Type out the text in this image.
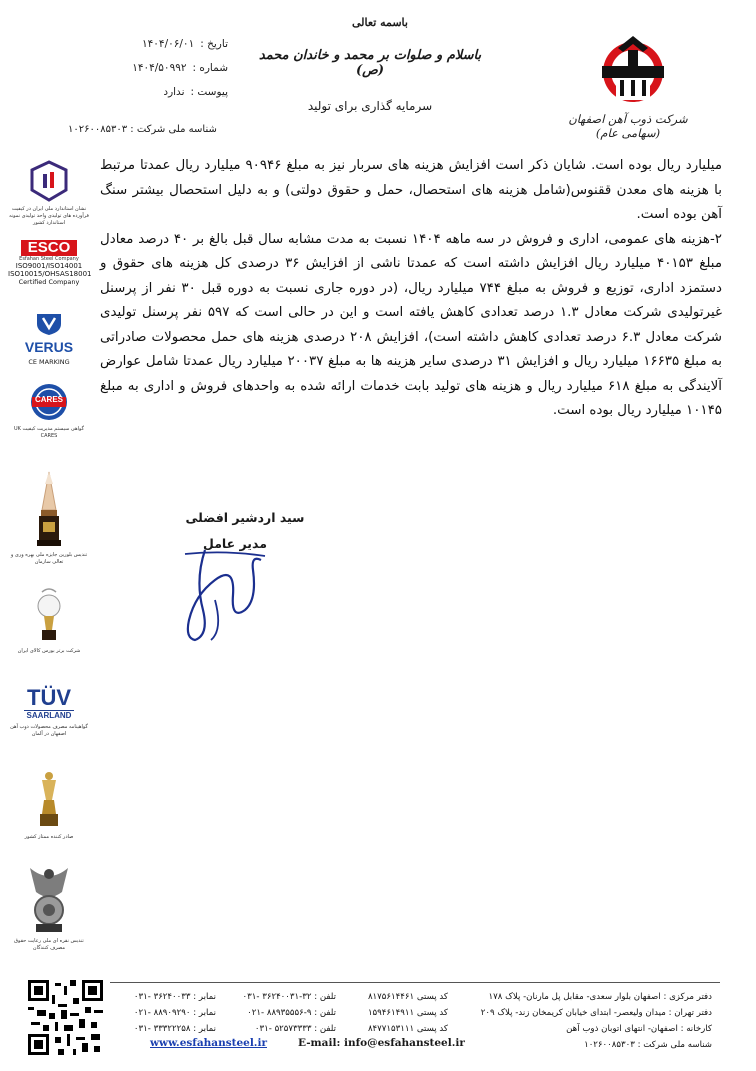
تاریخ :
۱۴۰۴/۰۶/۰۱
شماره :
۱۴۰۴/۵۰۹۹۲
پیوست :
ندارد
شناسه ملی شرکت : ۱۰۲۶۰۰۸۵۳۰۳
باسمه تعالی
باسلام و صلوات بر محمد و خاندان محمد (ص)
سرمایه گذاری برای تولید
شرکت ذوب آهن اصفهان (سهامی عام)
نشان استاندارد ملی ایران در کیفیت فرآورده های تولیدی واحد تولیدی نمونه استاندارد کشور
ESCO
Esfahan Steel Company
ISO9001/ISO14001
ISO10015/OHSAS18001
Certified Company
VERUS
CE MARKING
CARES
گواهی سیستم مدیریت کیفیت UK CARES
تندیس بلورین جایزه ملی بهره وری و تعالی سازمان
شرکت برتر بورس کالای ایران
TÜV
SAARLAND
گواهینامه مصرف محصولات ذوب آهن اصفهان در آلمان
صادر کننده ممتاز کشور
تندیس نقره ای ملی رعایت حقوق مصرف کنندگان

میلیارد ریال بوده است. شایان ذکر است افزایش هزینه های سربار نیز به مبلغ ۹۰۹۴۶ میلیارد ریال عمدتا مرتبط با هزینه های معدن ققنوس(شامل هزینه های استحصال، حمل و حقوق دولتی) و به دلیل استحصال بیشتر سنگ آهن بوده است.

۲-هزینه های عمومی، اداری و فروش در سه ماهه ۱۴۰۴ نسبت به مدت مشابه سال قبل بالغ بر ۴۰ درصد معادل مبلغ ۴۰۱۵۳ میلیارد ریال افزایش داشته است که عمدتا ناشی از افزایش ۳۶ درصدی کل هزینه های حقوق و دستمزد اداری، توزیع و فروش به مبلغ ۷۴۴ میلیارد ریال، (در دوره جاری نسبت به دوره قبل ۳۰ نفر از پرسنل غیرتولیدی شرکت معادل ۱.۳ درصد تعدادی کاهش یافته است و این در حالی است که ۵۹۷ نفر پرسنل تولیدی شرکت معادل ۶.۳ درصد تعدادی کاهش داشته است)، افزایش ۲۰۸ درصدی هزینه های حمل محصولات صادراتی به مبلغ ۱۶۶۳۵ میلیارد ریال و افزایش ۳۱ درصدی سایر هزینه ها به مبلغ ۲۰۰۳۷ میلیارد ریال عمدتا شامل عوارض آلایندگی به مبلغ ۶۱۸ میلیارد ریال و هزینه های تولید بابت خدمات ارائه شده به واحدهای فروش و اداری به مبلغ ۱۰۱۴۵ میلیارد ریال بوده است.

سید اردشیر افضلی
مدیر عامل
دفتر مرکزی : اصفهان بلوار سعدی- مقابل پل مارنان- پلاک ۱۷۸
کد پستی ۸۱۷۵۶۱۴۴۶۱
تلفن : ۳۲-۳۶۲۴۰۰۳۱ -۰۳۱
نمابر : ۳۶۲۴۰۰۳۳ -۰۳۱
دفتر تهران : میدان ولیعصر- ابتدای خیابان کریمخان زند- پلاک ۲۰۹
کد پستی ۱۵۹۴۶۱۴۹۱۱
تلفن : ۹-۸۸۹۳۵۵۵۶ -۰۲۱
نمابر : ۸۸۹۰۹۲۹۰ -۰۲۱
کارخانه : اصفهان- انتهای اتوبان ذوب آهن
کد پستی ۸۴۷۷۱۵۳۱۱۱
تلفن : ۵۲۵۷۳۳۳۳ -۰۳۱
نمابر : ۳۳۳۲۲۲۵۸ -۰۳۱
شناسه ملی شرکت : ۱۰۲۶۰۰۸۵۳۰۳
E-mail: info@esfahansteel.ir
www.esfahansteel.ir
